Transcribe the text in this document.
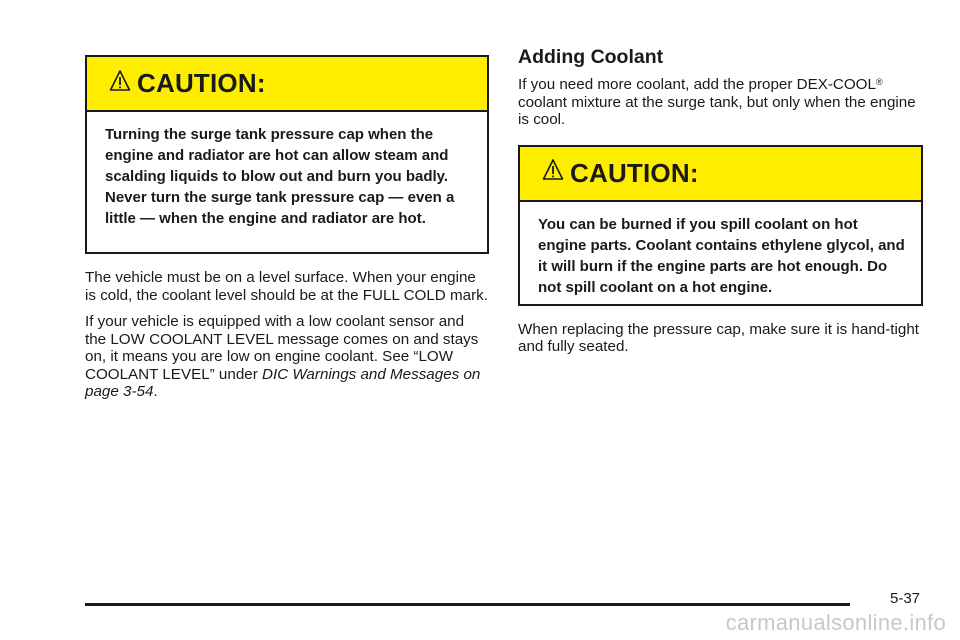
CAUTION:
Turning the surge tank pressure cap when the engine and radiator are hot can allow steam and scalding liquids to blow out and burn you badly. Never turn the surge tank pressure cap — even a little — when the engine and radiator are hot.

The vehicle must be on a level surface. When your engine is cold, the coolant level should be at the FULL COLD mark.

If your vehicle is equipped with a low coolant sensor and the LOW COOLANT LEVEL message comes on and stays on, it means you are low on engine coolant. See “LOW COOLANT LEVEL” under DIC Warnings and Messages on page 3-54.

Adding Coolant

If you need more coolant, add the proper DEX-COOL® coolant mixture at the surge tank, but only when the engine is cool.

CAUTION:
You can be burned if you spill coolant on hot engine parts. Coolant contains ethylene glycol, and it will burn if the engine parts are hot enough. Do not spill coolant on a hot engine.

When replacing the pressure cap, make sure it is hand-tight and fully seated.

5-37
carmanualsonline.info
